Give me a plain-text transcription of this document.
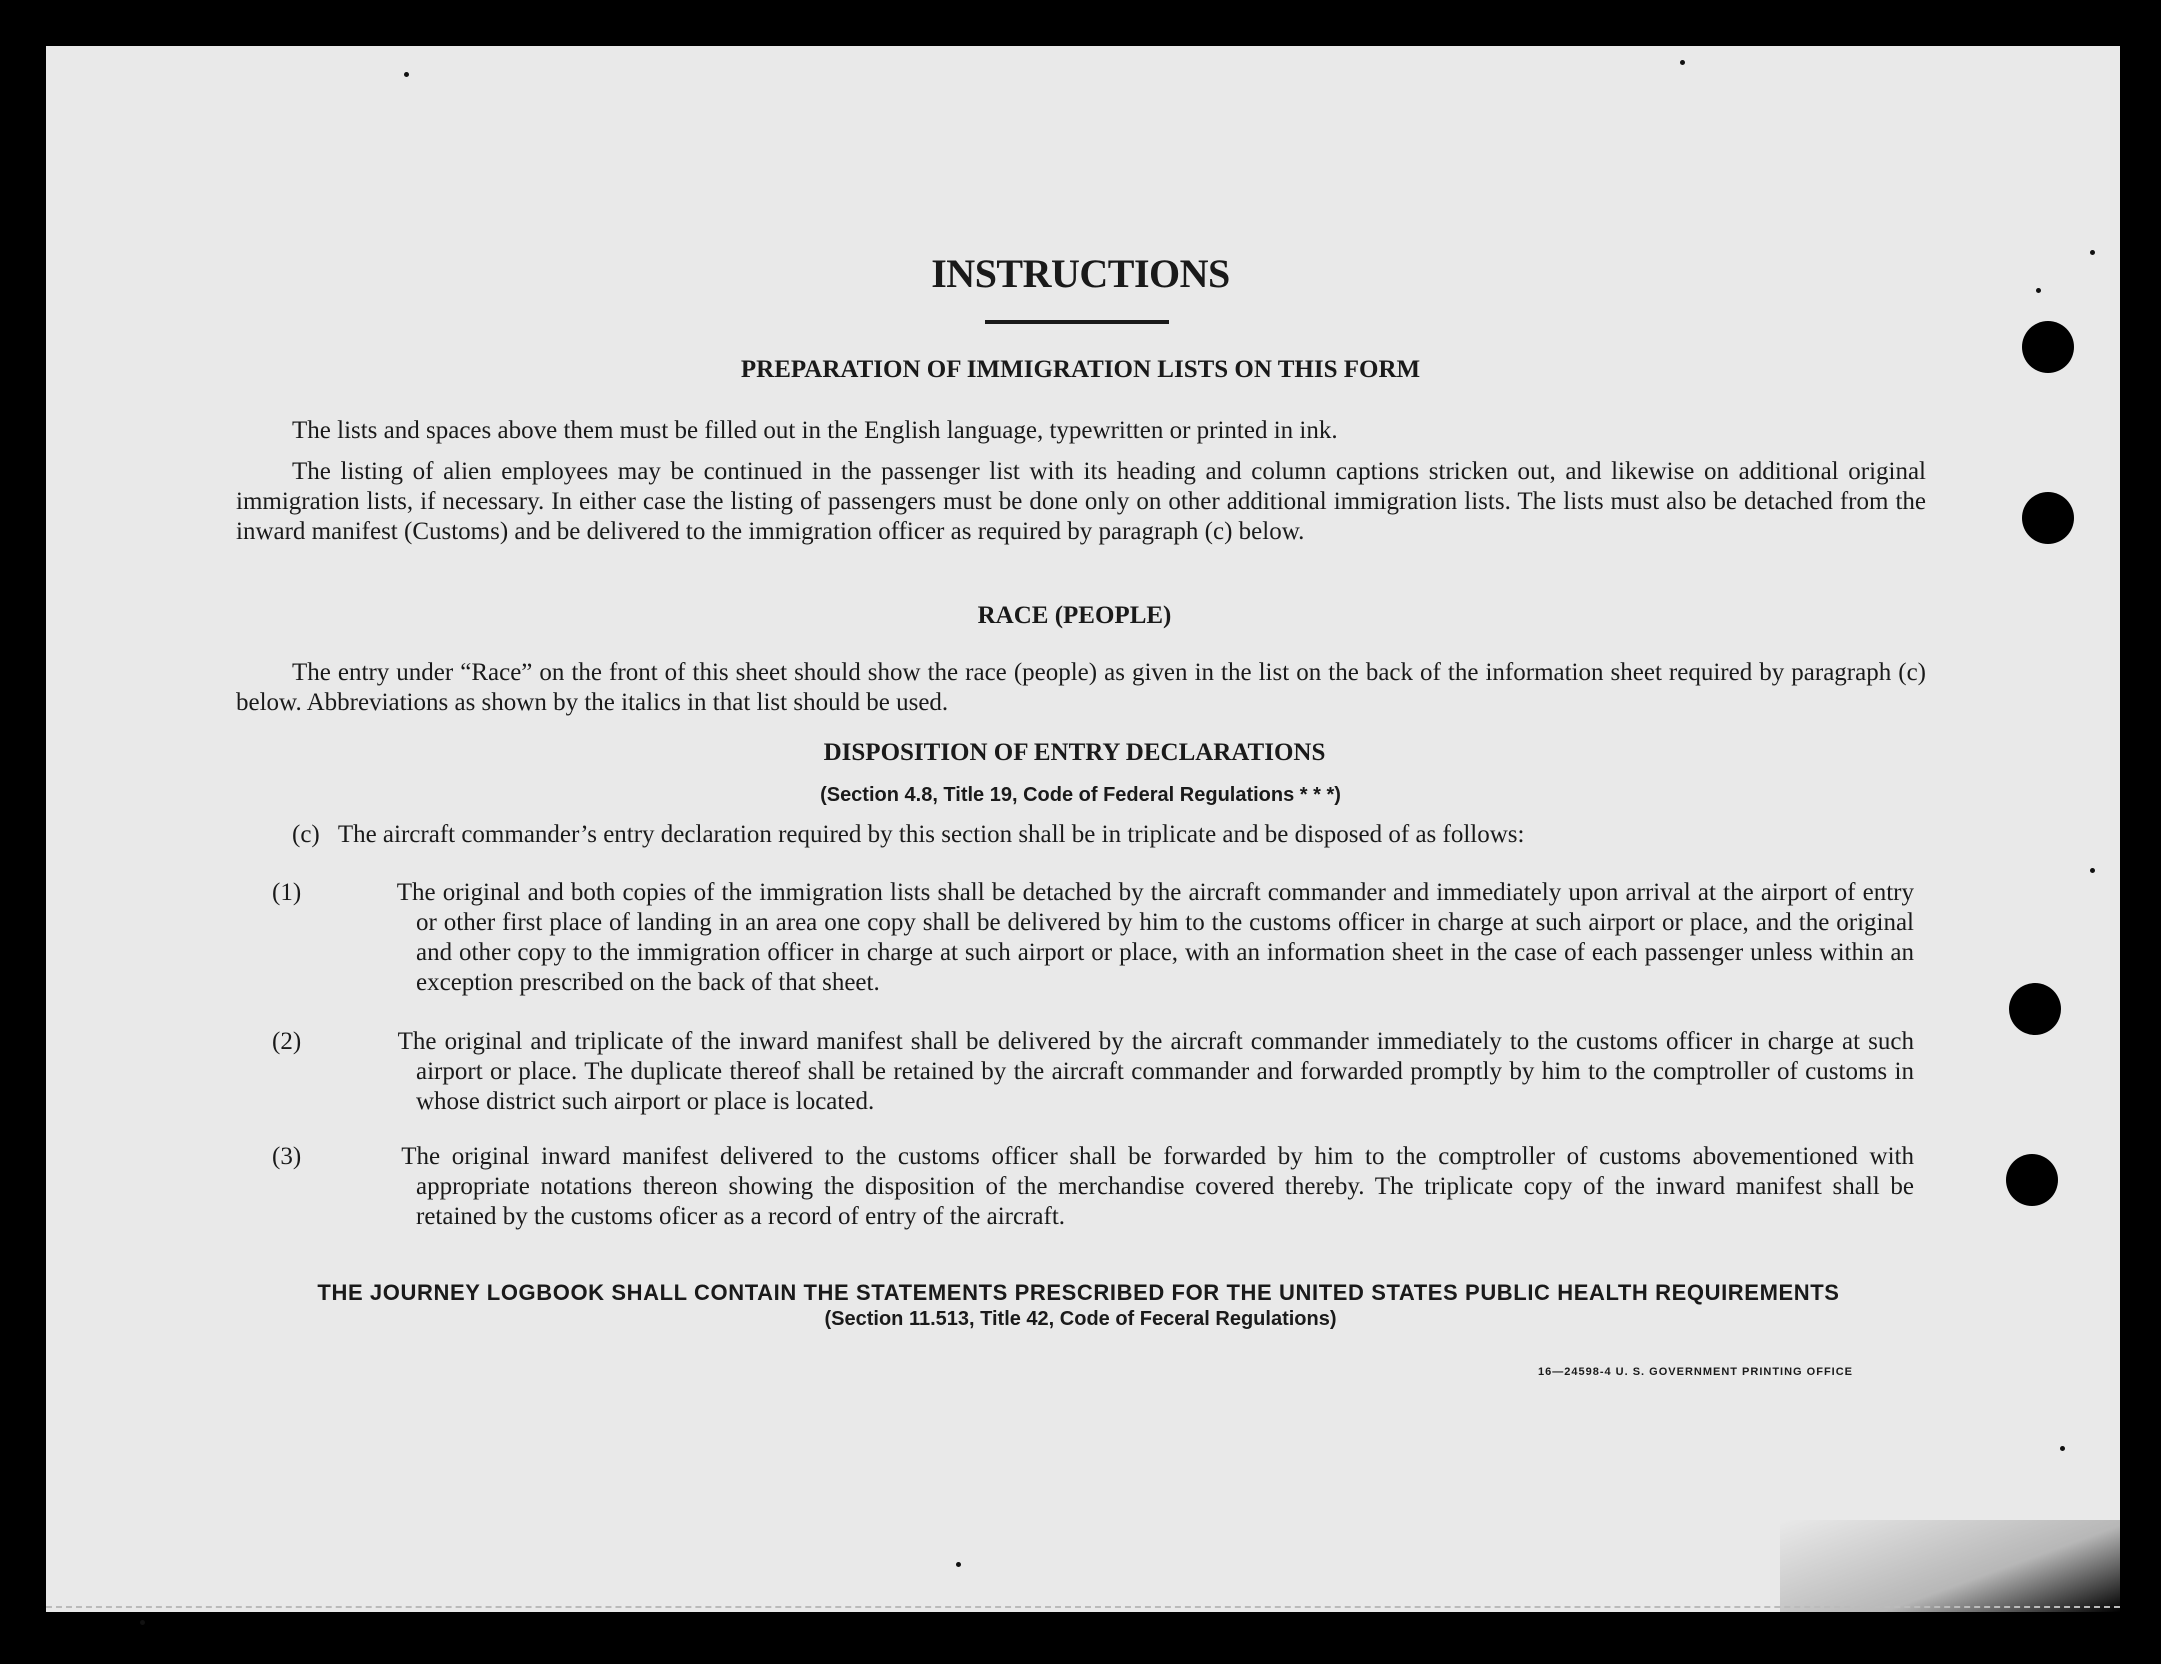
INSTRUCTIONS
PREPARATION OF IMMIGRATION LISTS ON THIS FORM
The lists and spaces above them must be filled out in the English language, typewritten or printed in ink.
The listing of alien employees may be continued in the passenger list with its heading and column captions stricken out, and likewise on additional original immigration lists, if necessary. In either case the listing of passengers must be done only on other additional immigration lists. The lists must also be detached from the inward manifest (Customs) and be delivered to the immigration officer as required by paragraph (c) below.
RACE (PEOPLE)
The entry under “Race” on the front of this sheet should show the race (people) as given in the list on the back of the information sheet required by paragraph (c) below. Abbreviations as shown by the italics in that list should be used.
DISPOSITION OF ENTRY DECLARATIONS
(Section 4.8, Title 19, Code of Federal Regulations * * *)
(c) The aircraft commander’s entry declaration required by this section shall be in triplicate and be disposed of as follows:
(1)	The original and both copies of the immigration lists shall be detached by the aircraft commander and immediately upon arrival at the airport of entry or other first place of landing in an area one copy shall be delivered by him to the customs officer in charge at such airport or place, and the original and other copy to the immigration officer in charge at such airport or place, with an information sheet in the case of each passenger unless within an exception prescribed on the back of that sheet.
(2)	The original and triplicate of the inward manifest shall be delivered by the aircraft commander immediately to the customs officer in charge at such airport or place. The duplicate thereof shall be retained by the aircraft commander and forwarded promptly by him to the comptroller of customs in whose district such airport or place is located.
(3)	The original inward manifest delivered to the customs officer shall be forwarded by him to the comptroller of customs abovementioned with appropriate notations thereon showing the disposition of the merchandise covered thereby. The triplicate copy of the inward manifest shall be retained by the customs oficer as a record of entry of the aircraft.
THE JOURNEY LOGBOOK SHALL CONTAIN THE STATEMENTS PRESCRIBED FOR THE UNITED STATES PUBLIC HEALTH REQUIREMENTS
(Section 11.513, Title 42, Code of Feceral Regulations)
16—24598-4 U. S. GOVERNMENT PRINTING OFFICE
